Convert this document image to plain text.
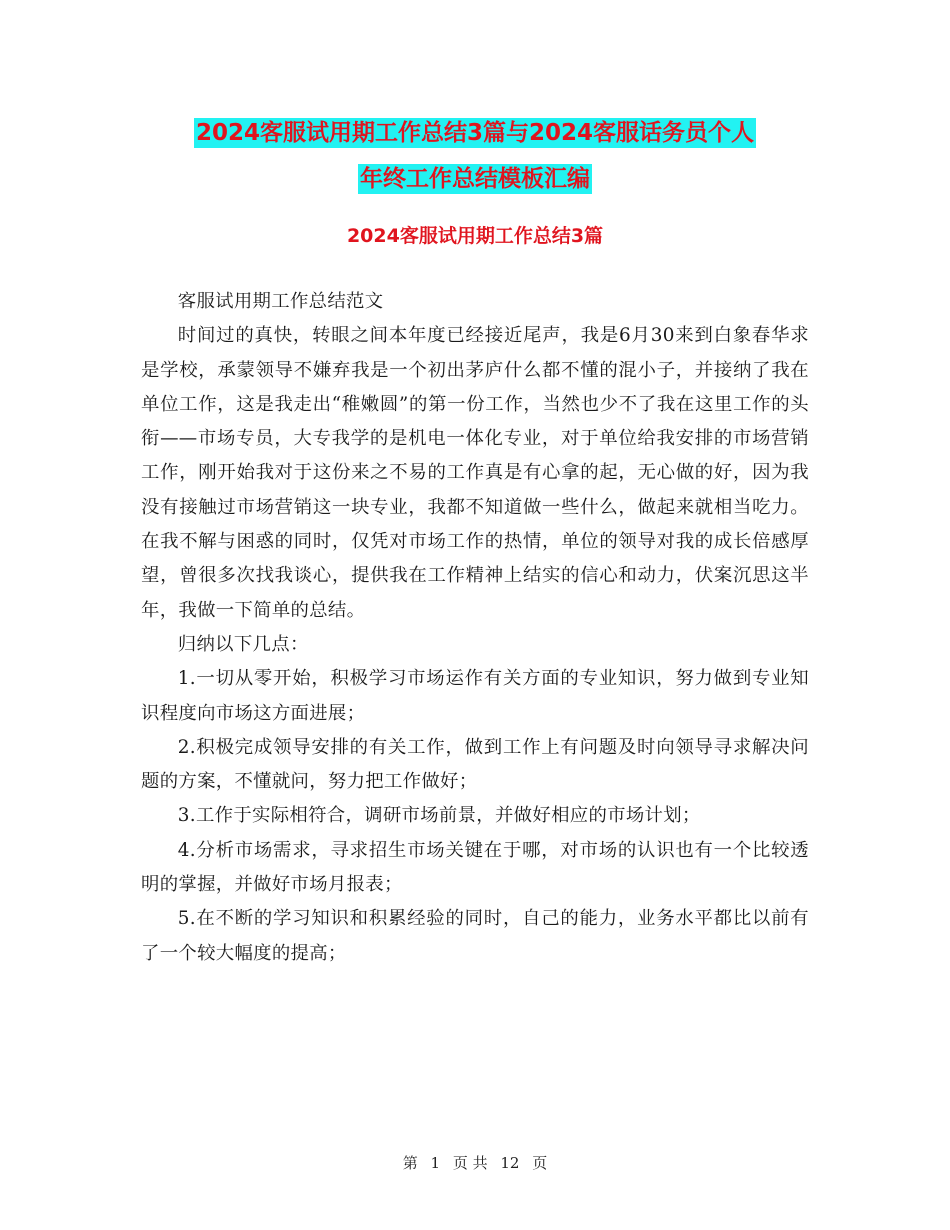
2024客服试用期工作总结3篇与2024客服话务员个人
年终工作总结模板汇编
2024客服试用期工作总结3篇

客服试用期工作总结范文

时间过的真快，转眼之间本年度已经接近尾声，我是6月30来到白象春华求是学校，承蒙领导不嫌弃我是一个初出茅庐什么都不懂的混小子，并接纳了我在单位工作，这是我走出“稚嫩圆”的第一份工作，当然也少不了我在这里工作的头衔——市场专员，大专我学的是机电一体化专业，对于单位给我安排的市场营销工作，刚开始我对于这份来之不易的工作真是有心拿的起，无心做的好，因为我没有接触过市场营销这一块专业，我都不知道做一些什么，做起来就相当吃力。在我不解与困惑的同时，仅凭对市场工作的热情，单位的领导对我的成长倍感厚望，曾很多次找我谈心，提供我在工作精神上结实的信心和动力，伏案沉思这半年，我做一下简单的总结。

归纳以下几点：

1.一切从零开始，积极学习市场运作有关方面的专业知识，努力做到专业知识程度向市场这方面进展；

2.积极完成领导安排的有关工作，做到工作上有问题及时向领导寻求解决问题的方案，不懂就问，努力把工作做好；

3.工作于实际相符合，调研市场前景，并做好相应的市场计划；

4.分析市场需求，寻求招生市场关键在于哪，对市场的认识也有一个比较透明的掌握，并做好市场月报表；

5.在不断的学习知识和积累经验的同时，自己的能力，业务水平都比以前有了一个较大幅度的提高；

第 1 页 共 12 页
